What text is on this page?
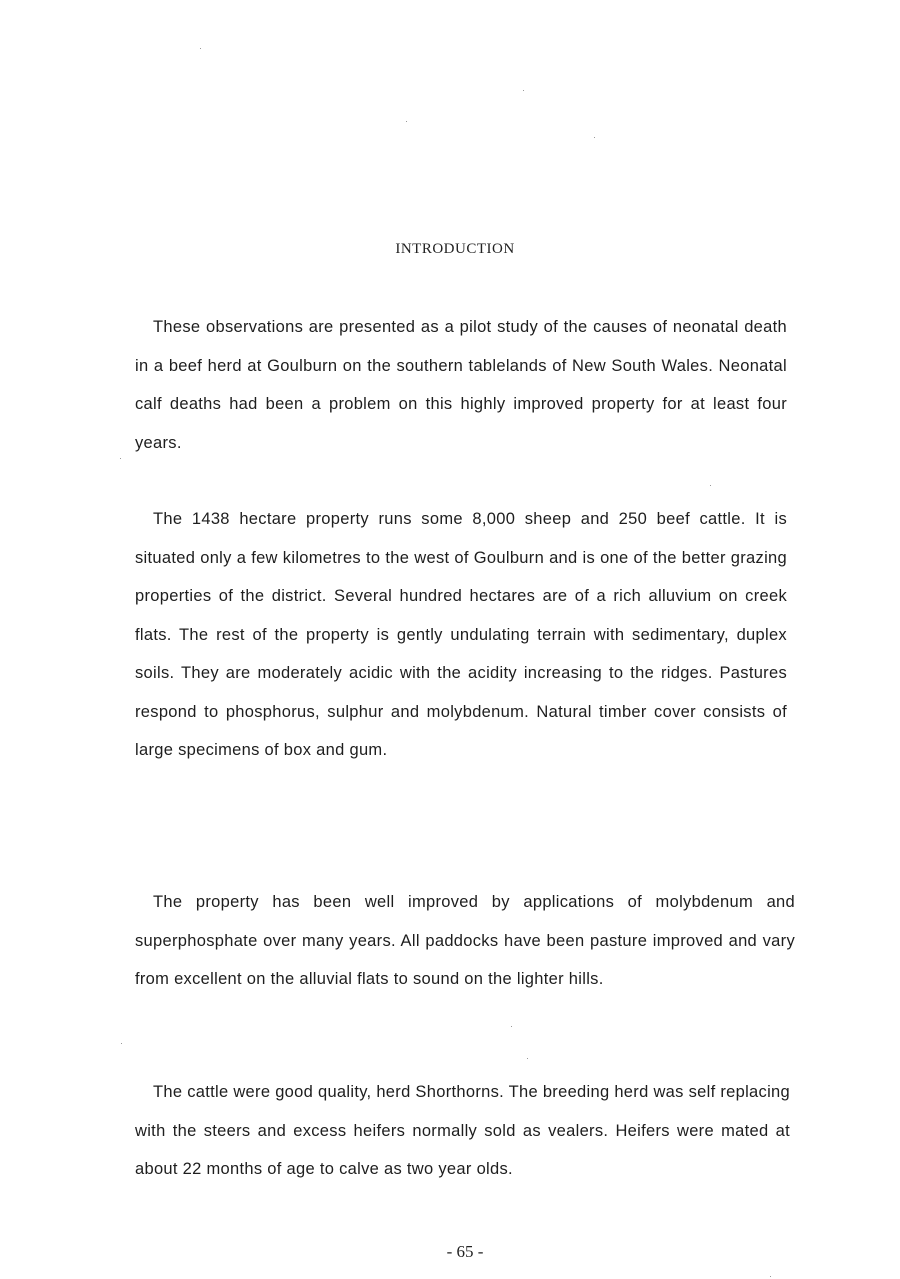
INTRODUCTION

These observations are presented as a pilot study of the causes of neonatal death in a beef herd at Goulburn on the southern tablelands of New South Wales. Neonatal calf deaths had been a problem on this highly improved property for at least four years.

The 1438 hectare property runs some 8,000 sheep and 250 beef cattle. It is situated only a few kilometres to the west of Goulburn and is one of the better grazing properties of the district. Several hundred hectares are of a rich alluvium on creek flats. The rest of the property is gently undulating terrain with sedimentary, duplex soils. They are moderately acidic with the acidity increasing to the ridges. Pastures respond to phosphorus, sulphur and molybdenum. Natural timber cover consists of large specimens of box and gum.

The property has been well improved by applications of molybdenum and superphosphate over many years. All paddocks have been pasture improved and vary from excellent on the alluvial flats to sound on the lighter hills.

The cattle were good quality, herd Shorthorns. The breeding herd was self replacing with the steers and excess heifers normally sold as vealers. Heifers were mated at about 22 months of age to calve as two year olds.

- 65 -
